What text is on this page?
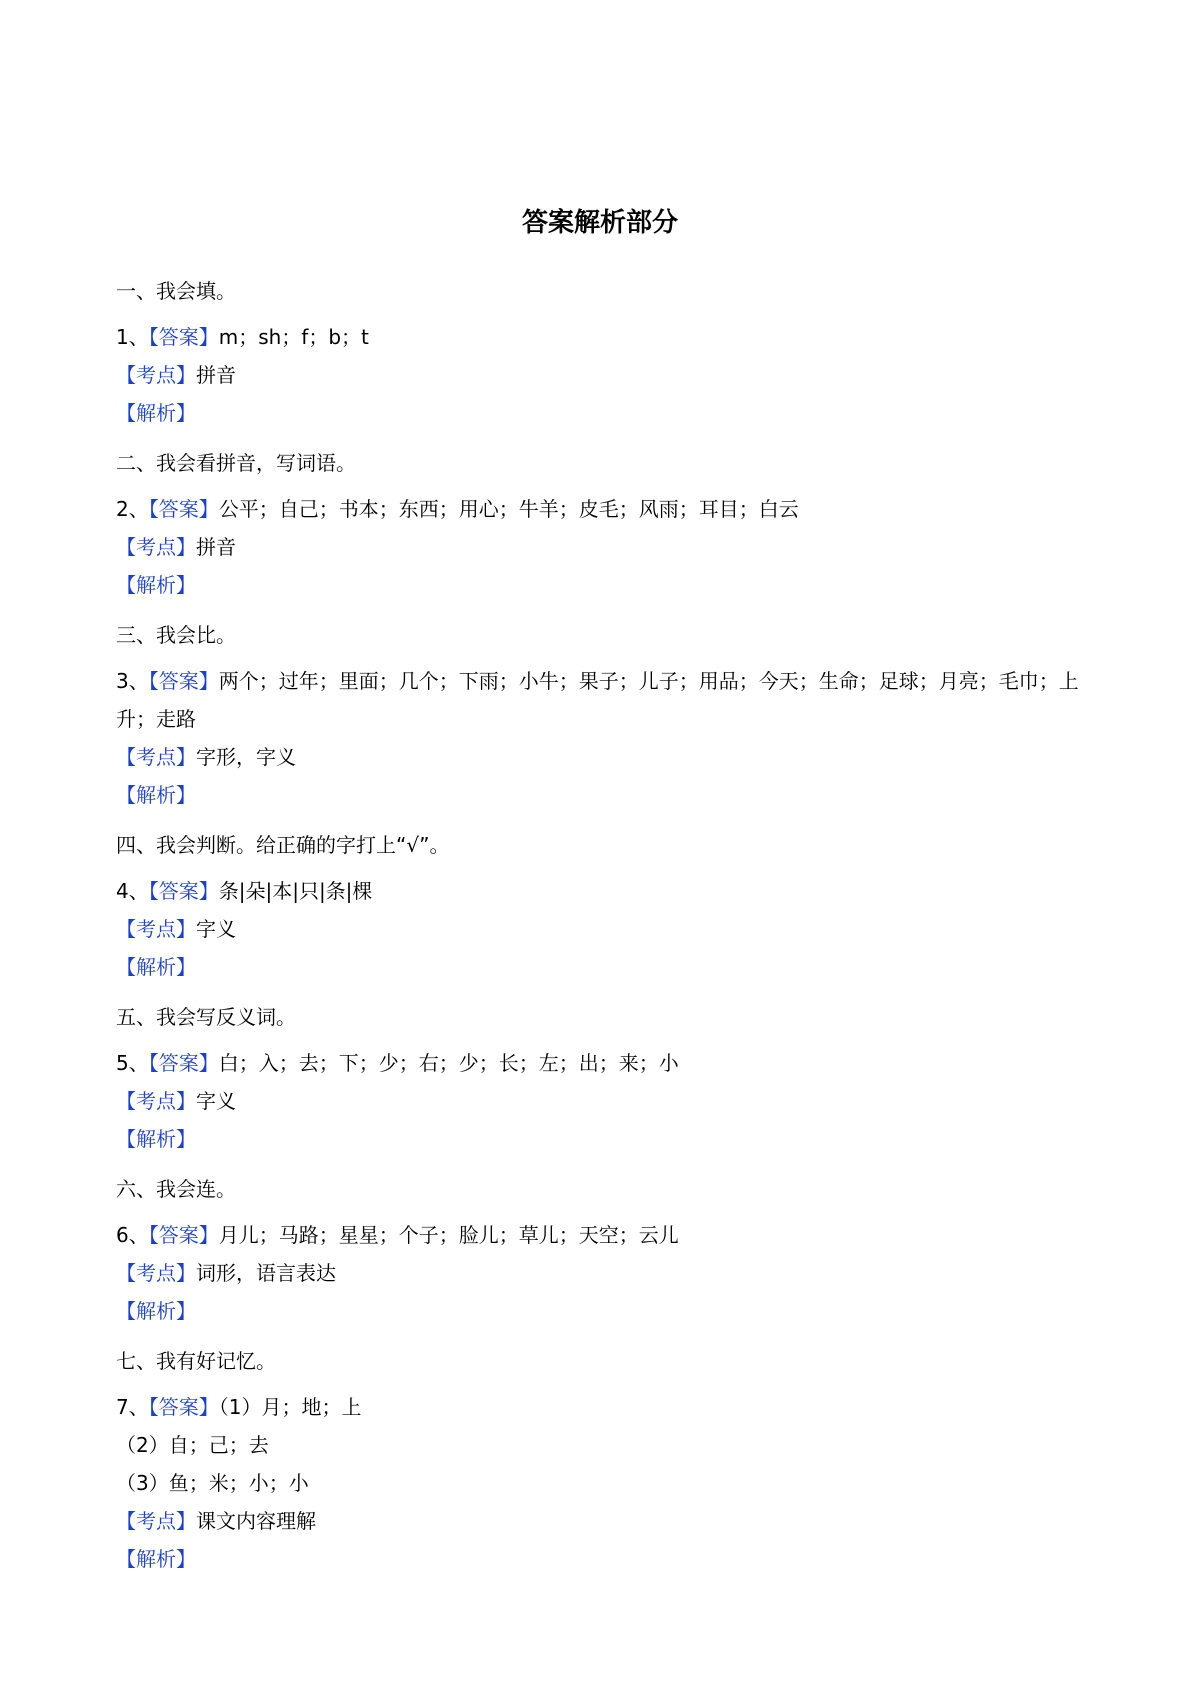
答案解析部分
一、我会填。
1、【答案】m；sh；f；b；t
【考点】拼音
【解析】
二、我会看拼音，写词语。
2、【答案】公平；自己；书本；东西；用心；牛羊；皮毛；风雨；耳目；白云
【考点】拼音
【解析】
三、我会比。
3、【答案】两个；过年；里面；几个；下雨；小牛；果子；儿子；用品；今天；生命；足球；月亮；毛巾；上升；走路
【考点】字形，字义
【解析】
四、我会判断。给正确的字打上“√”。
4、【答案】条|朵|本|只|条|棵
【考点】字义
【解析】
五、我会写反义词。
5、【答案】白；入；去；下；少；右；少；长；左；出；来；小
【考点】字义
【解析】
六、我会连。
6、【答案】月儿；马路；星星；个子；脸儿；草儿；天空；云儿
【考点】词形，语言表达
【解析】
七、我有好记忆。
7、【答案】（1）月；地；上
（2）自；己；去
（3）鱼；米；小；小
【考点】课文内容理解
【解析】
